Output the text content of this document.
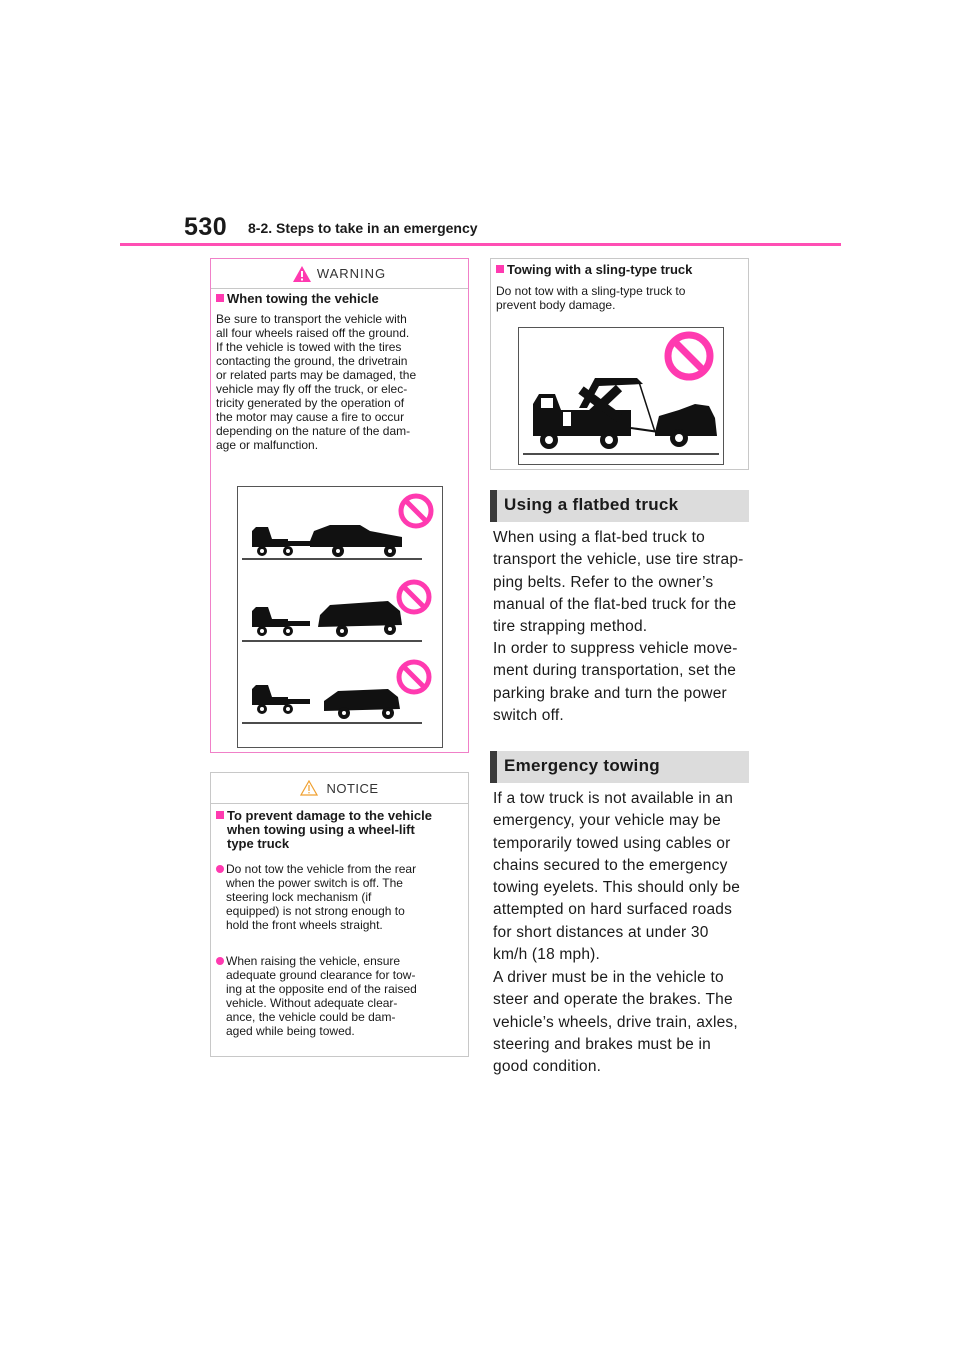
530 8-2. Steps to take in an emergency
WARNING
When towing the vehicle
Be sure to transport the vehicle with
all four wheels raised off the ground.
If the vehicle is towed with the tires
contacting the ground, the drivetrain
or related parts may be damaged, the
vehicle may fly off the truck, or elec-
tricity generated by the operation of
the motor may cause a fire to occur
depending on the nature of the dam-
age or malfunction.
NOTICE
To prevent damage to the vehicle
when towing using a wheel-lift
type truck
Do not tow the vehicle from the rear
when the power switch is off. The
steering lock mechanism (if
equipped) is not strong enough to
hold the front wheels straight.
When raising the vehicle, ensure
adequate ground clearance for tow-
ing at the opposite end of the raised
vehicle. Without adequate clear-
ance, the vehicle could be dam-
aged while being towed.
Towing with a sling-type truck
Do not tow with a sling-type truck to
prevent body damage.
Using a flatbed truck
When using a flat-bed truck to
transport the vehicle, use tire strap-
ping belts. Refer to the owner’s
manual of the flat-bed truck for the
tire strapping method.
In order to suppress vehicle move-
ment during transportation, set the
parking brake and turn the power
switch off.
Emergency towing
If a tow truck is not available in an
emergency, your vehicle may be
temporarily towed using cables or
chains secured to the emergency
towing eyelets. This should only be
attempted on hard surfaced roads
for short distances at under 30
km/h (18 mph).
A driver must be in the vehicle to
steer and operate the brakes. The
vehicle’s wheels, drive train, axles,
steering and brakes must be in
good condition.
